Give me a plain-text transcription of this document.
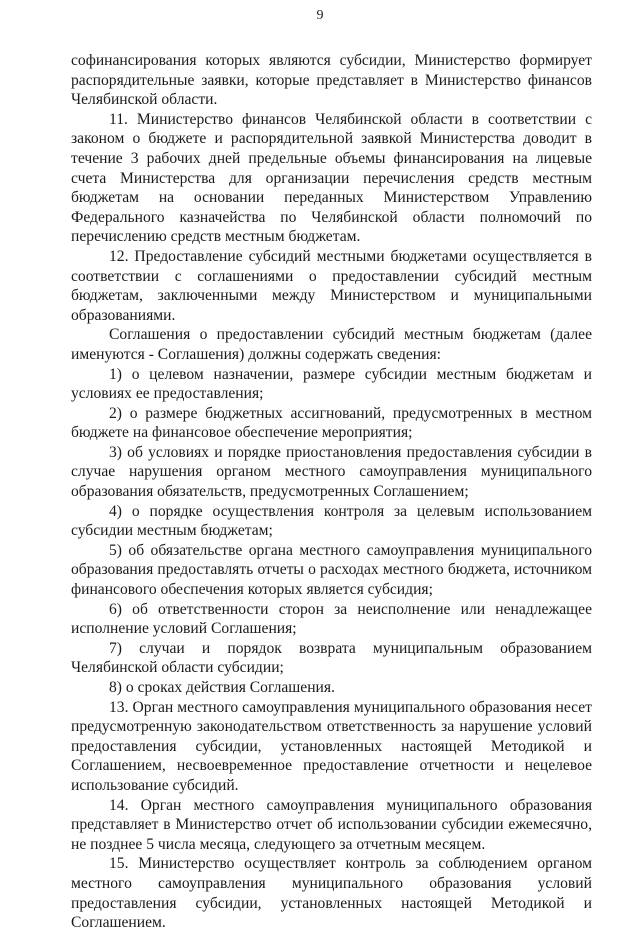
9

софинансирования которых являются субсидии, Министерство формирует распорядительные заявки, которые представляет в Министерство финансов Челябинской области.

11. Министерство финансов Челябинской области в соответствии с законом о бюджете и распорядительной заявкой Министерства доводит в течение 3 рабочих дней предельные объемы финансирования на лицевые счета Министерства для организации перечисления средств местным бюджетам на основании переданных Министерством Управлению Федерального казначейства по Челябинской области полномочий по перечислению средств местным бюджетам.

12. Предоставление субсидий местными бюджетами осуществляется в соответствии с соглашениями о предоставлении субсидий местным бюджетам, заключенными между Министерством и муниципальными образованиями.

Соглашения о предоставлении субсидий местным бюджетам (далее именуются - Соглашения) должны содержать сведения:

1) о целевом назначении, размере субсидии местным бюджетам и условиях ее предоставления;

2) о размере бюджетных ассигнований, предусмотренных в местном бюджете на финансовое обеспечение мероприятия;

3) об условиях и порядке приостановления предоставления субсидии в случае нарушения органом местного самоуправления муниципального образования обязательств, предусмотренных Соглашением;

4) о порядке осуществления контроля за целевым использованием субсидии местным бюджетам;

5) об обязательстве органа местного самоуправления муниципального образования предоставлять отчеты о расходах местного бюджета, источником финансового обеспечения которых является субсидия;

6) об ответственности сторон за неисполнение или ненадлежащее исполнение условий Соглашения;

7) случаи и порядок возврата муниципальным образованием Челябинской области субсидии;

8) о сроках действия Соглашения.

13. Орган местного самоуправления муниципального образования несет предусмотренную законодательством ответственность за нарушение условий предоставления субсидии, установленных настоящей Методикой и Соглашением, несвоевременное предоставление отчетности и нецелевое использование субсидий.

14. Орган местного самоуправления муниципального образования представляет в Министерство отчет об использовании субсидии ежемесячно, не позднее 5 числа месяца, следующего за отчетным месяцем.

15. Министерство осуществляет контроль за соблюдением органом местного самоуправления муниципального образования условий предоставления субсидии, установленных настоящей Методикой и Соглашением.
